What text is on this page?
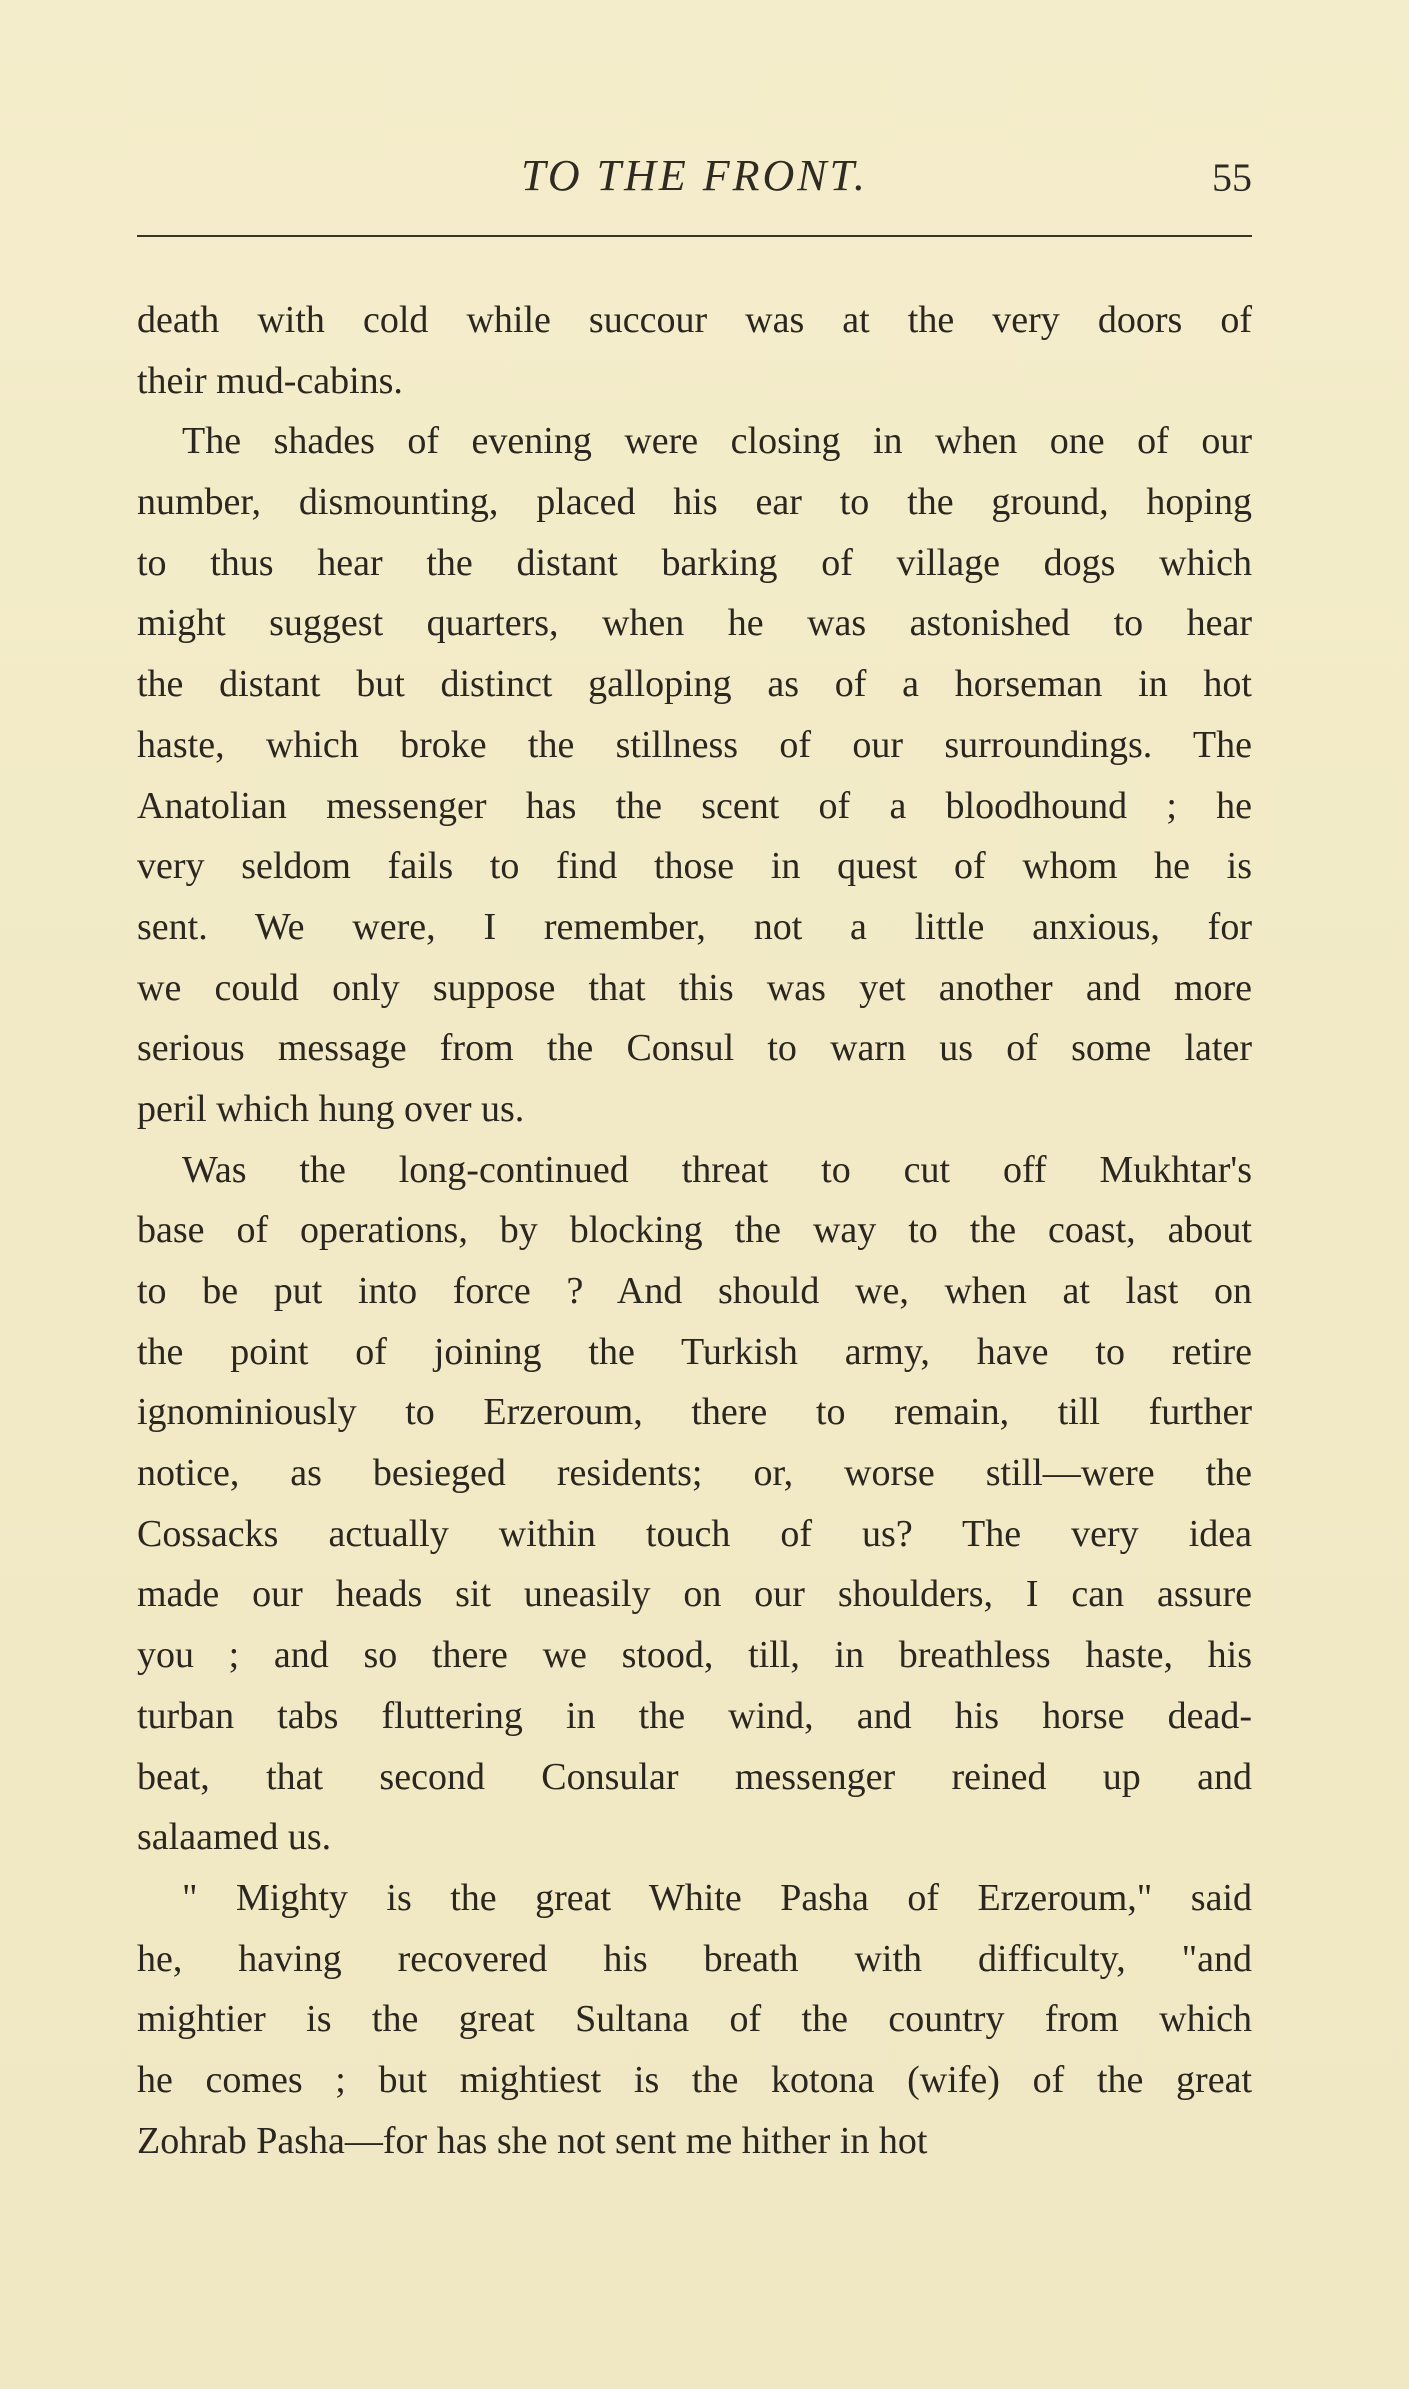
TO THE FRONT.	55
death with cold while succour was at the very doors of
their mud-cabins.
The shades of evening were closing in when one of our
number, dismounting, placed his ear to the ground, hoping
to thus hear the distant barking of village dogs which
might suggest quarters, when he was astonished to hear
the distant but distinct galloping as of a horseman in hot
haste, which broke the stillness of our surroundings. The
Anatolian messenger has the scent of a bloodhound ; he
very seldom fails to find those in quest of whom he is
sent. We were, I remember, not a little anxious, for
we could only suppose that this was yet another and more
serious message from the Consul to warn us of some later
peril which hung over us.
Was the long-continued threat to cut off Mukhtar's
base of operations, by blocking the way to the coast, about
to be put into force ? And should we, when at last on
the point of joining the Turkish army, have to retire
ignominiously to Erzeroum, there to remain, till further
notice, as besieged residents; or, worse still—were the
Cossacks actually within touch of us? The very idea
made our heads sit uneasily on our shoulders, I can assure
you ; and so there we stood, till, in breathless haste, his
turban tabs fluttering in the wind, and his horse dead-
beat, that second Consular messenger reined up and
salaamed us.
" Mighty is the great White Pasha of Erzeroum," said
he, having recovered his breath with difficulty, "and
mightier is the great Sultana of the country from which
he comes ; but mightiest is the kotona (wife) of the great
Zohrab Pasha—for has she not sent me hither in hot
